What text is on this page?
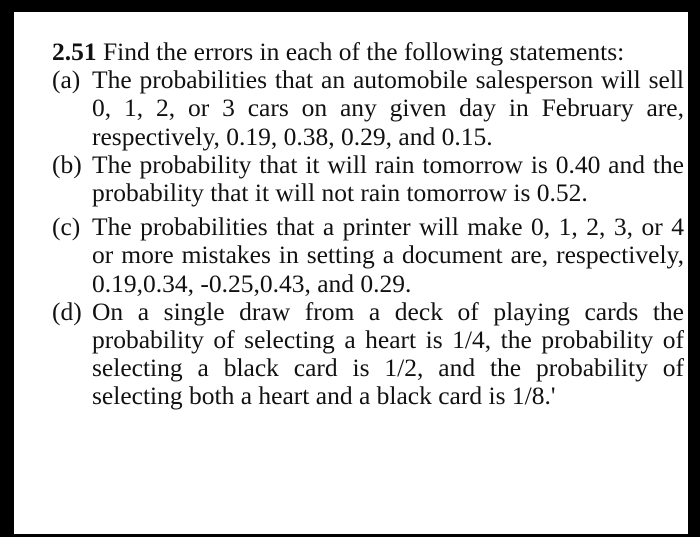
2.51 Find the errors in each of the following statements:

(a) The probabilities that an automobile salesperson will sell 0, 1, 2, or 3 cars on any given day in February are, respectively, 0.19, 0.38, 0.29, and 0.15.

(b) The probability that it will rain tomorrow is 0.40 and the probability that it will not rain tomorrow is 0.52.

(c) The probabilities that a printer will make 0, 1, 2, 3, or 4 or more mistakes in setting a document are, respectively, 0.19,0.34, -0.25,0.43, and 0.29.

(d) On a single draw from a deck of playing cards the probability of selecting a heart is 1/4, the probability of selecting a black card is 1/2, and the probability of selecting both a heart and a black card is 1/8.'
